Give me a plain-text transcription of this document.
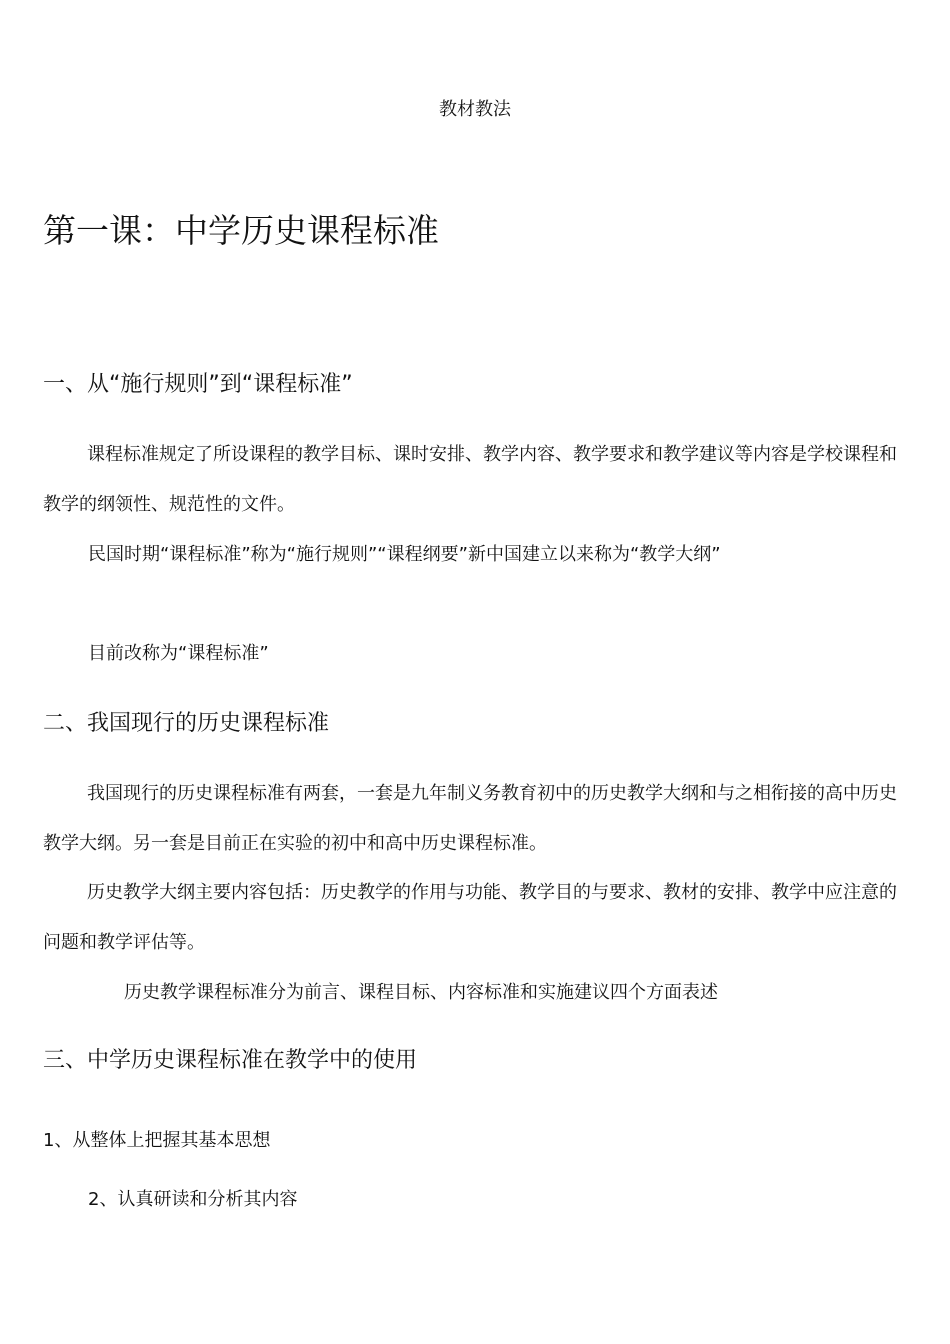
教材教法
第一课：中学历史课程标准
一、从“施行规则”到“课程标准”
课程标准规定了所设课程的教学目标、课时安排、教学内容、教学要求和教学建议等内容是学校课程和教学的纲领性、规范性的文件。
民国时期“课程标准”称为“施行规则”“课程纲要”新中国建立以来称为“教学大纲”
目前改称为“课程标准”
二、我国现行的历史课程标准
我国现行的历史课程标准有两套，一套是九年制义务教育初中的历史教学大纲和与之相衔接的高中历史教学大纲。另一套是目前正在实验的初中和高中历史课程标准。
历史教学大纲主要内容包括：历史教学的作用与功能、教学目的与要求、教材的安排、教学中应注意的问题和教学评估等。
历史教学课程标准分为前言、课程目标、内容标准和实施建议四个方面表述
三、中学历史课程标准在教学中的使用
1、从整体上把握其基本思想
2、认真研读和分析其内容
